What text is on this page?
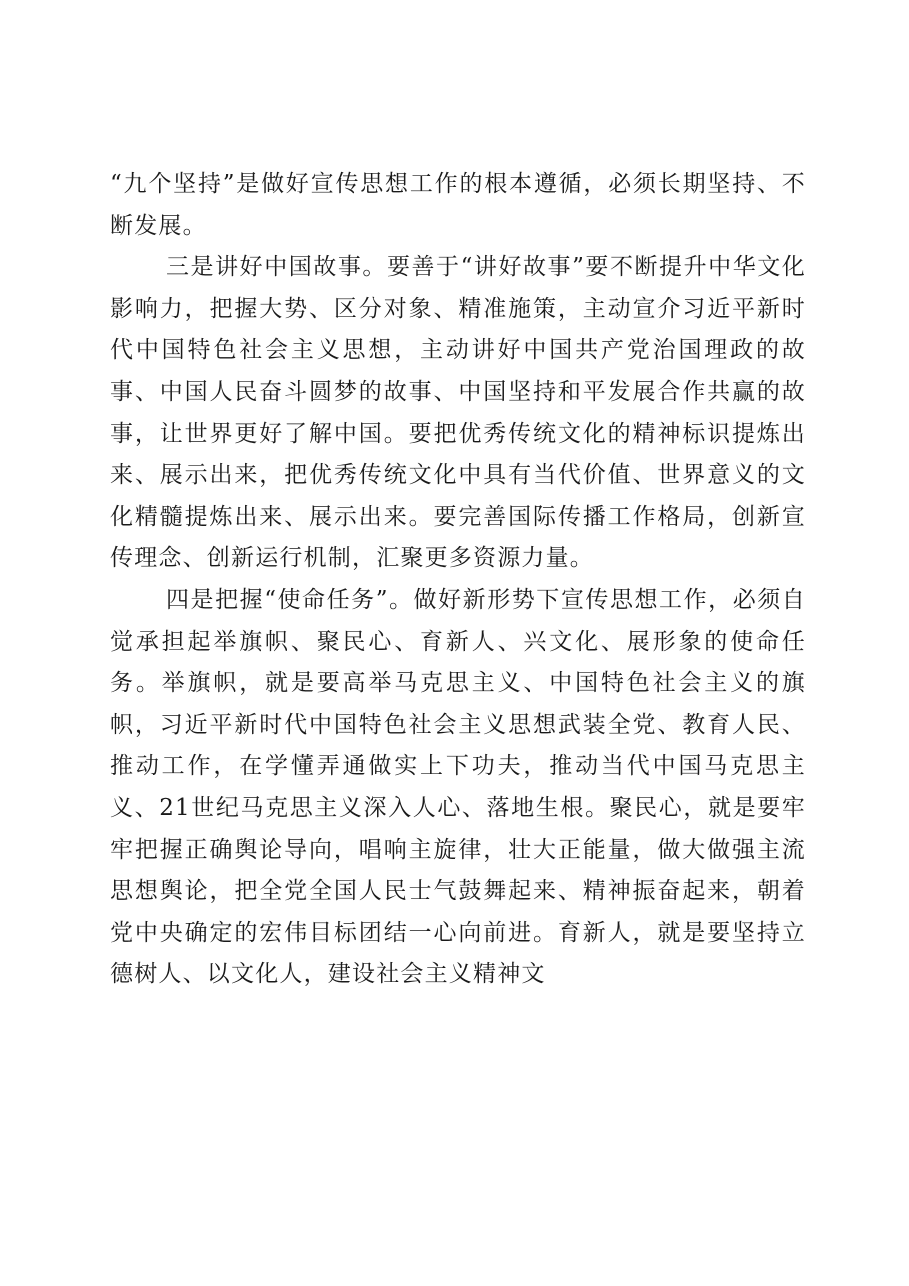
“九个坚持”是做好宣传思想工作的根本遵循，必须长期坚持、不断发展。

三是讲好中国故事。要善于“讲好故事”要不断提升中华文化影响力，把握大势、区分对象、精准施策，主动宣介习近平新时代中国特色社会主义思想，主动讲好中国共产党治国理政的故事、中国人民奋斗圆梦的故事、中国坚持和平发展合作共赢的故事，让世界更好了解中国。要把优秀传统文化的精神标识提炼出来、展示出来，把优秀传统文化中具有当代价值、世界意义的文化精髓提炼出来、展示出来。要完善国际传播工作格局，创新宣传理念、创新运行机制，汇聚更多资源力量。

四是把握“使命任务”。做好新形势下宣传思想工作，必须自觉承担起举旗帜、聚民心、育新人、兴文化、展形象的使命任务。举旗帜，就是要高举马克思主义、中国特色社会主义的旗帜，习近平新时代中国特色社会主义思想武装全党、教育人民、推动工作，在学懂弄通做实上下功夫，推动当代中国马克思主义、21世纪马克思主义深入人心、落地生根。聚民心，就是要牢牢把握正确舆论导向，唱响主旋律，壮大正能量，做大做强主流思想舆论，把全党全国人民士气鼓舞起来、精神振奋起来，朝着党中央确定的宏伟目标团结一心向前进。育新人，就是要坚持立德树人、以文化人，建设社会主义精神文
